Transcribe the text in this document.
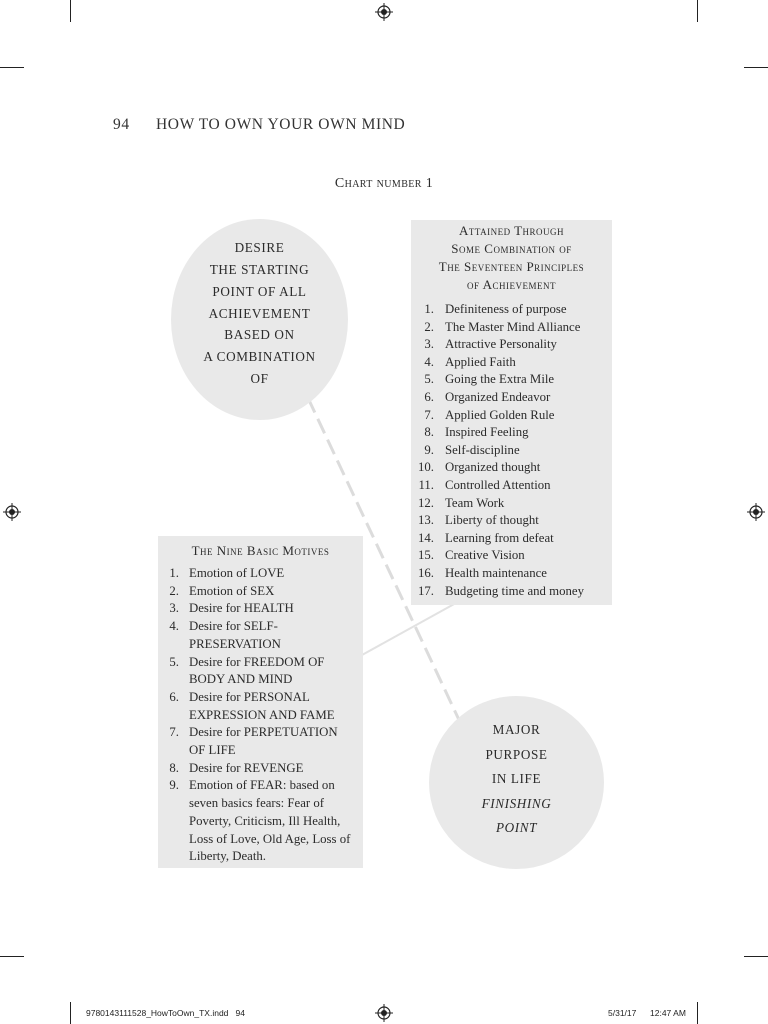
94 HOW TO OWN YOUR OWN MIND
Chart number 1
DESIRE
THE STARTING
POINT OF ALL
ACHIEVEMENT
BASED ON
A COMBINATION
OF
Attained Through
Some Combination of
The Seventeen Principles
of Achievement
1. Definiteness of purpose
2. The Master Mind Alliance
3. Attractive Personality
4. Applied Faith
5. Going the Extra Mile
6. Organized Endeavor
7. Applied Golden Rule
8. Inspired Feeling
9. Self-discipline
10. Organized thought
11. Controlled Attention
12. Team Work
13. Liberty of thought
14. Learning from defeat
15. Creative Vision
16. Health maintenance
17. Budgeting time and money
The Nine Basic Motives
1. Emotion of LOVE
2. Emotion of SEX
3. Desire for HEALTH
4. Desire for SELF-PRESERVATION
5. Desire for FREEDOM OF BODY AND MIND
6. Desire for PERSONAL EXPRESSION AND FAME
7. Desire for PERPETUATION OF LIFE
8. Desire for REVENGE
9. Emotion of FEAR: based on seven basics fears: Fear of Poverty, Criticism, Ill Health, Loss of Love, Old Age, Loss of Liberty, Death.
MAJOR
PURPOSE
IN LIFE
FINISHING
POINT
9780143111528_HowToOwn_TX.indd   94	5/31/17 12:47 AM
